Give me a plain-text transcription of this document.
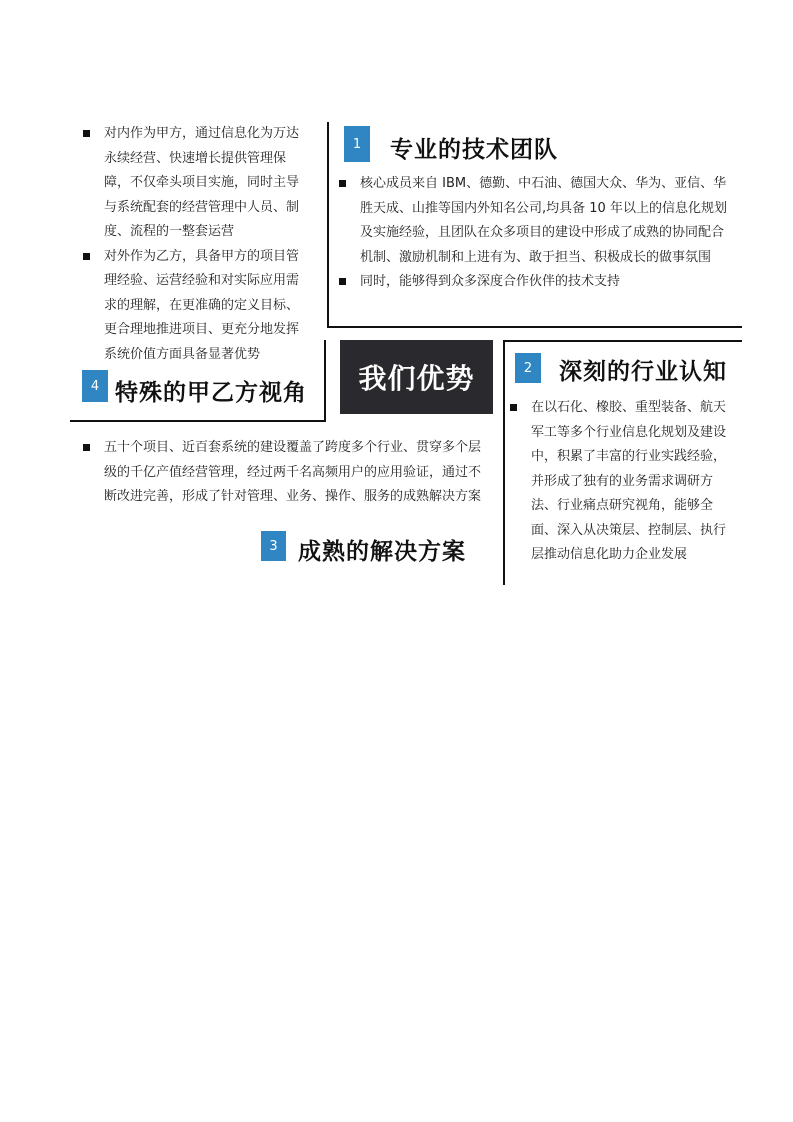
1	专业的技术团队
核心成员来自 IBM、德勤、中石油、德国大众、华为、亚信、华胜天成、山推等国内外知名公司,均具备 10 年以上的信息化规划及实施经验，且团队在众多项目的建设中形成了成熟的协同配合机制、激励机制和上进有为、敢于担当、积极成长的做事氛围
同时，能够得到众多深度合作伙伴的技术支持
2	深刻的行业认知
在以石化、橡胶、重型装备、航天军工等多个行业信息化规划及建设中，积累了丰富的行业实践经验，并形成了独有的业务需求调研方法、行业痛点研究视角，能够全面、深入从决策层、控制层、执行层推动信息化助力企业发展
对内作为甲方，通过信息化为万达永续经营、快速增长提供管理保障，不仅牵头项目实施，同时主导与系统配套的经营管理中人员、制度、流程的一整套运营
对外作为乙方，具备甲方的项目管理经验、运营经验和对实际应用需求的理解，在更准确的定义目标、更合理地推进项目、更充分地发挥系统价值方面具备显著优势
4 特殊的甲乙方视角	我们优势
五十个项目、近百套系统的建设覆盖了跨度多个行业、贯穿多个层级的千亿产值经营管理，经过两千名高频用户的应用验证，通过不断改进完善，形成了针对管理、业务、操作、服务的成熟解决方案
3 成熟的解决方案
